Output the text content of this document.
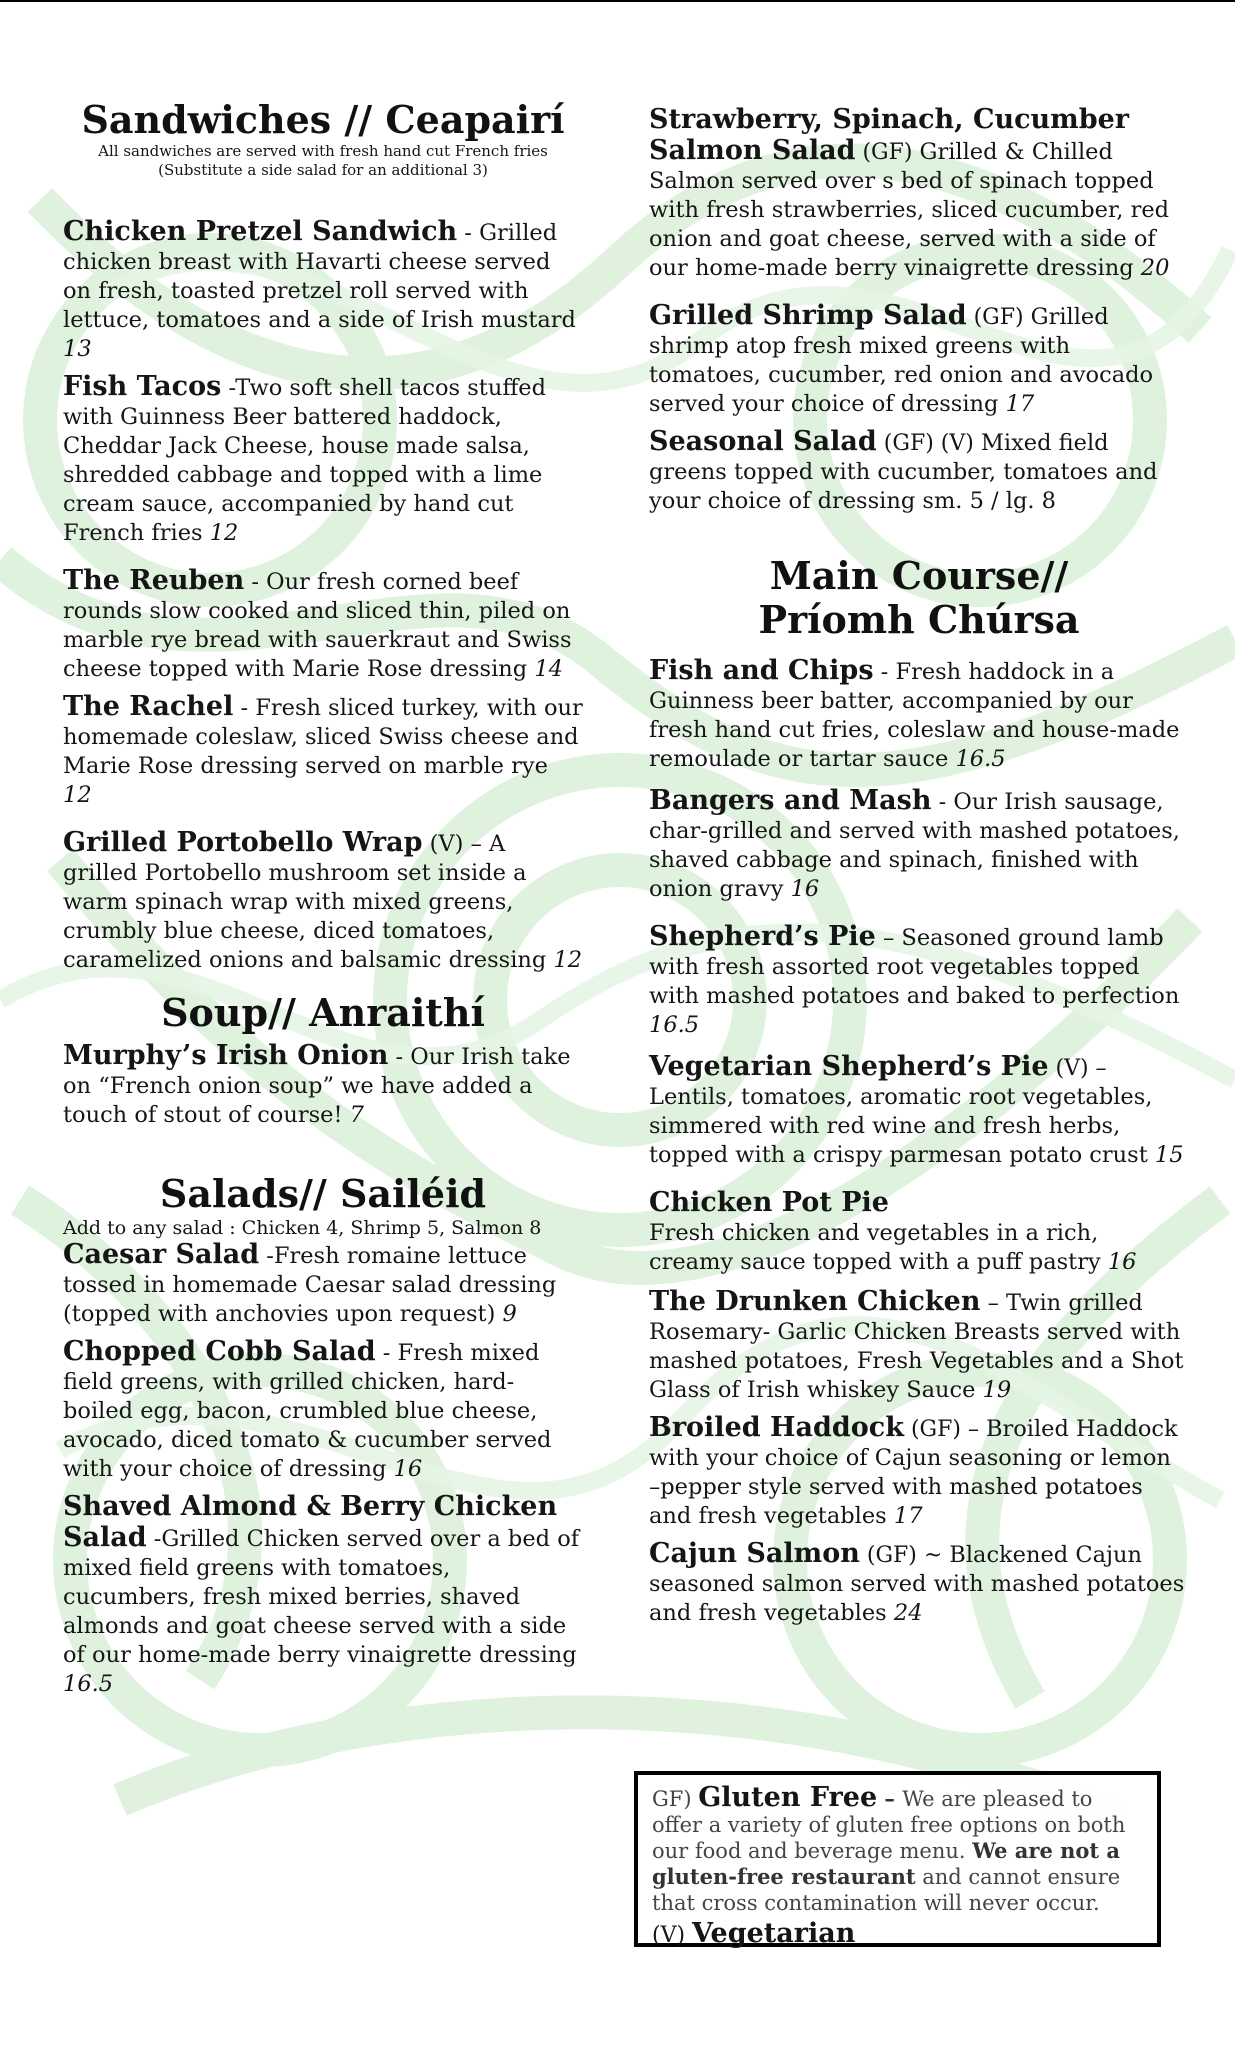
Sandwiches // Ceapairí
All sandwiches are served with fresh hand cut French fries
(Substitute a side salad for an additional 3)

Chicken Pretzel Sandwich - Grilled chicken breast with Havarti cheese served on fresh, toasted pretzel roll served with lettuce, tomatoes and a side of Irish mustard 13

Fish Tacos -Two soft shell tacos stuffed with Guinness Beer battered haddock, Cheddar Jack Cheese, house made salsa, shredded cabbage and topped with a lime cream sauce, accompanied by hand cut French fries 12

The Reuben - Our fresh corned beef rounds slow cooked and sliced thin, piled on marble rye bread with sauerkraut and Swiss cheese topped with Marie Rose dressing 14

The Rachel - Fresh sliced turkey, with our homemade coleslaw, sliced Swiss cheese and Marie Rose dressing served on marble rye 12

Grilled Portobello Wrap (V) – A grilled Portobello mushroom set inside a warm spinach wrap with mixed greens, crumbly blue cheese, diced tomatoes, caramelized onions and balsamic dressing 12

Soup// Anraithí

Murphy’s Irish Onion - Our Irish take on “French onion soup” we have added a touch of stout of course! 7

Salads// Sailéid

Add to any salad : Chicken 4, Shrimp 5, Salmon 8

Caesar Salad -Fresh romaine lettuce tossed in homemade Caesar salad dressing (topped with anchovies upon request) 9

Chopped Cobb Salad - Fresh mixed field greens, with grilled chicken, hard-boiled egg, bacon, crumbled blue cheese, avocado, diced tomato & cucumber served with your choice of dressing 16

Shaved Almond & Berry Chicken Salad -Grilled Chicken served over a bed of mixed field greens with tomatoes, cucumbers, fresh mixed berries, shaved almonds and goat cheese served with a side of our home-made berry vinaigrette dressing 16.5

Strawberry, Spinach, Cucumber Salmon Salad (GF) Grilled & Chilled Salmon served over s bed of spinach topped with fresh strawberries, sliced cucumber, red onion and goat cheese, served with a side of our home-made berry vinaigrette dressing 20

Grilled Shrimp Salad (GF) Grilled shrimp atop fresh mixed greens with tomatoes, cucumber, red onion and avocado served your choice of dressing 17

Seasonal Salad (GF) (V) Mixed field greens topped with cucumber, tomatoes and your choice of dressing sm. 5 / lg. 8

Main Course//
Príomh Chúrsa

Fish and Chips - Fresh haddock in a Guinness beer batter, accompanied by our fresh hand cut fries, coleslaw and house-made remoulade or tartar sauce 16.5

Bangers and Mash - Our Irish sausage, char-grilled and served with mashed potatoes, shaved cabbage and spinach, finished with onion gravy 16

Shepherd’s Pie – Seasoned ground lamb with fresh assorted root vegetables topped with mashed potatoes and baked to perfection 16.5

Vegetarian Shepherd’s Pie (V) – Lentils, tomatoes, aromatic root vegetables, simmered with red wine and fresh herbs, topped with a crispy parmesan potato crust 15

Chicken Pot Pie
Fresh chicken and vegetables in a rich, creamy sauce topped with a puff pastry 16

The Drunken Chicken – Twin grilled Rosemary- Garlic Chicken Breasts served with mashed potatoes, Fresh Vegetables and a Shot Glass of Irish whiskey Sauce 19

Broiled Haddock (GF) – Broiled Haddock with your choice of Cajun seasoning or lemon –pepper style served with mashed potatoes and fresh vegetables 17

Cajun Salmon (GF) ~ Blackened Cajun seasoned salmon served with mashed potatoes and fresh vegetables 24

GF) Gluten Free – We are pleased to offer a variety of gluten free options on both our food and beverage menu. We are not a gluten-free restaurant and cannot ensure that cross contamination will never occur.

(V) Vegetarian
